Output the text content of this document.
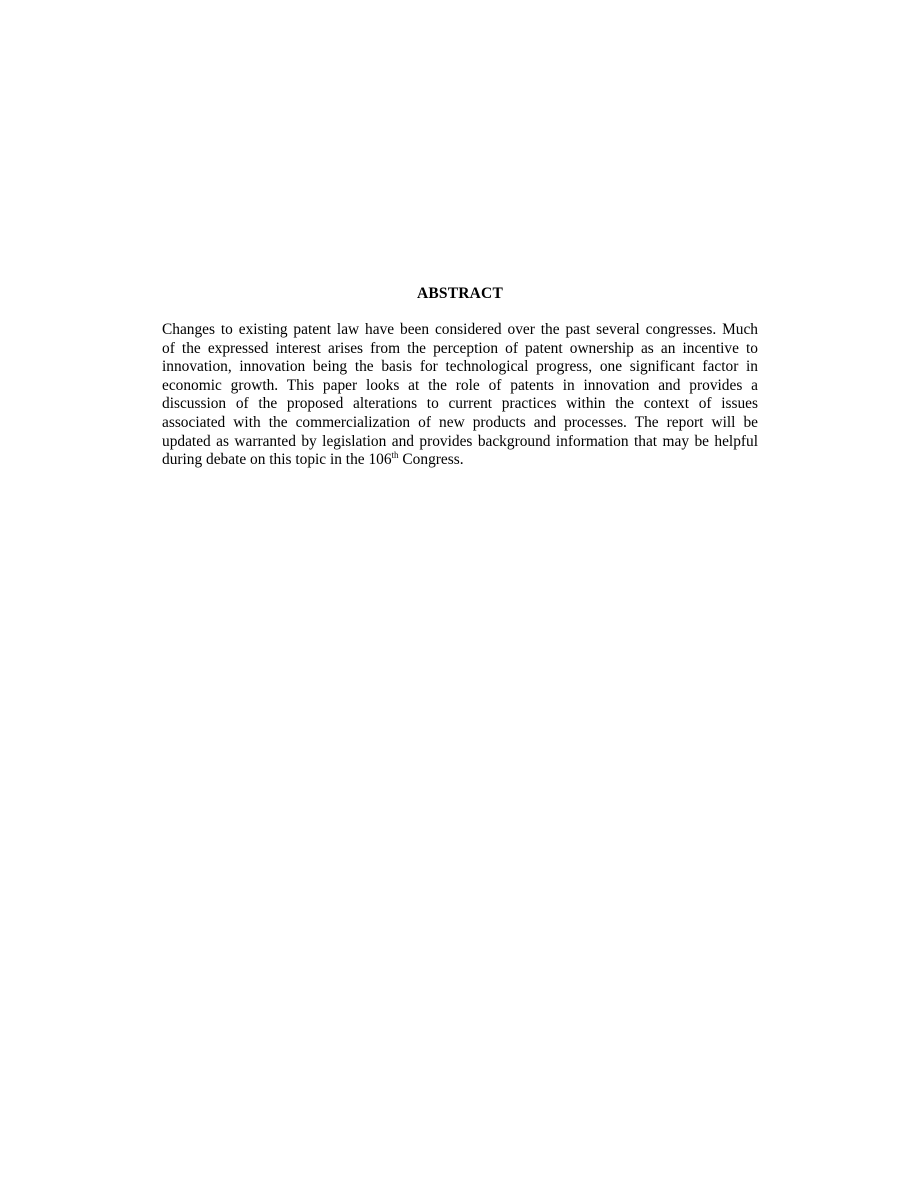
ABSTRACT
Changes to existing patent law have been considered over the past several congresses. Much
of the expressed interest arises from the perception of patent ownership as an incentive to
innovation, innovation being the basis for technological progress, one significant factor in
economic growth. This paper looks at the role of patents in innovation and provides a
discussion of the proposed alterations to current practices within the context of issues
associated with the commercialization of new products and processes. The report will be
updated as warranted by legislation and provides background information that may be helpful
during debate on this topic in the 106th Congress.
